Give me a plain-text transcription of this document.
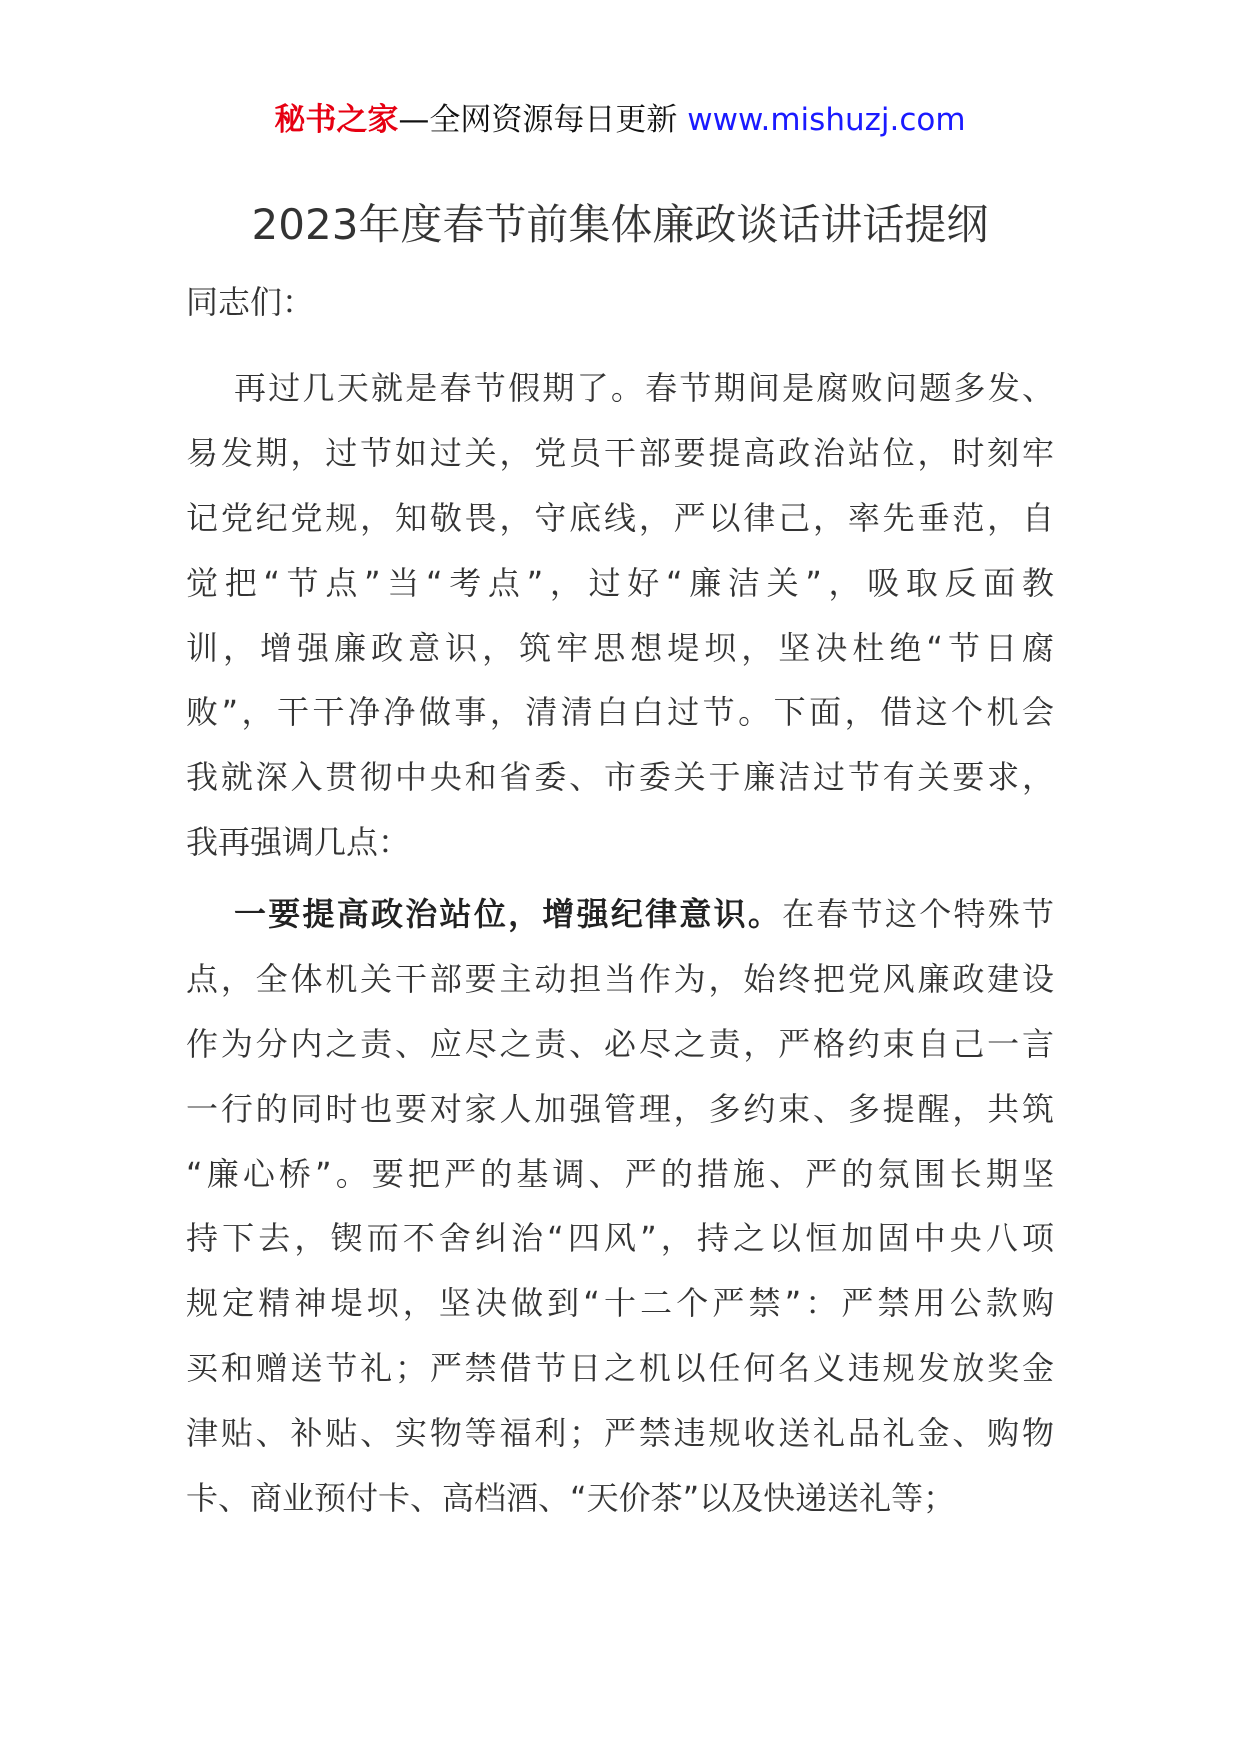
秘书之家—全网资源每日更新 www.mishuzj.com
2023年度春节前集体廉政谈话讲话提纲
同志们：
再过几天就是春节假期了。春节期间是腐败问题多发、
易发期，过节如过关，党员干部要提高政治站位，时刻牢
记党纪党规，知敬畏，守底线，严以律己，率先垂范，自
觉把“节点”当“考点”，过好“廉洁关”，吸取反面教
训，增强廉政意识，筑牢思想堤坝，坚决杜绝“节日腐
败”，干干净净做事，清清白白过节。下面，借这个机会
我就深入贯彻中央和省委、市委关于廉洁过节有关要求，
我再强调几点：
一要提高政治站位，增强纪律意识。在春节这个特殊节
点，全体机关干部要主动担当作为，始终把党风廉政建设
作为分内之责、应尽之责、必尽之责，严格约束自己一言
一行的同时也要对家人加强管理，多约束、多提醒，共筑
“廉心桥”。要把严的基调、严的措施、严的氛围长期坚
持下去，锲而不舍纠治“四风”，持之以恒加固中央八项
规定精神堤坝，坚决做到“十二个严禁”：严禁用公款购
买和赠送节礼；严禁借节日之机以任何名义违规发放奖金
津贴、补贴、实物等福利；严禁违规收送礼品礼金、购物
卡、商业预付卡、高档酒、“天价茶”以及快递送礼等；
